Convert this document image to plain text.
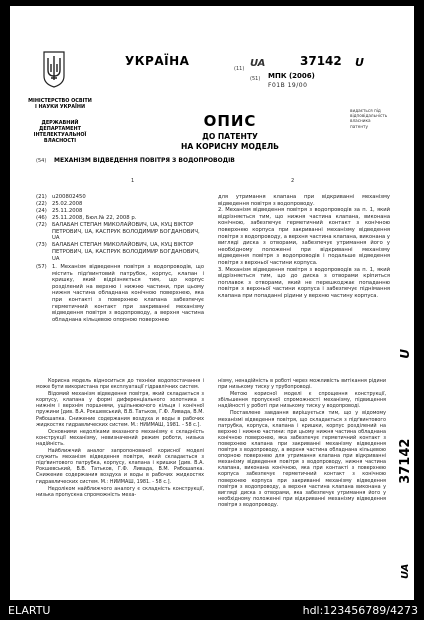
УКРАЇНА
МІНІСТЕРСТВО ОСВІТИ
І НАУКИ УКРАЇНИ
ДЕРЖАВНИЙ ДЕПАРТАМЕНТ
ІНТЕЛЕКТУАЛЬНОЇ
ВЛАСНОСТІ
(11) UA	37142 U
(51) МПК (2006)
F01B 19/00
видається під
відповідальність
власника
патенту
ОПИС
ДО ПАТЕНТУ
НА КОРИСНУ МОДЕЛЬ
(54) МЕХАНІЗМ ВІДВЕДЕННЯ ПОВІТРЯ З ВОДОПРОВОДІВ
1	2
(21) u200802450
(22) 25.02.2008
(24) 25.11.2008
(46) 25.11.2008, Бюл.№ 22, 2008 р.
(72) БАЛАБАН СТЕПАН МИКОЛАЙОВИЧ, UA, КУЦ ВІКТОР ПЕТРОВИЧ, UA, КАСПРУК ВОЛОДИМИР БОГДАНОВИЧ, UA
(73) БАЛАБАН СТЕПАН МИКОЛАЙОВИЧ, UA, КУЦ ВІКТОР ПЕТРОВИЧ, UA, КАСПРУК ВОЛОДИМИР БОГДАНОВИЧ, UA
(57)	1. Механізм відведення повітря з водопроводів, що містить підґвинтовий патрубок, корпус, клапан і кришку, який відрізняється тим, що корпус розділений на верхню і нижню частини, при цьому нижня частина обладнана конічною поверхнею, яка при контакті з поверхнею клапана забезпечує герметичний контакт при закриванні механізму відведення повітря з водопроводу, а верхня частина обладнана кільцевою опорною поверхнею
для утримання клапана при відкриванні механізму відведення повітря з водопроводу.
2. Механізм відведення повітря з водопроводів за п. 1, який відрізняється тим, що нижня частина клапана, виконана конічною, забезпечує герметичний контакт з конічною поверхнею корпуса при закриванні механізму відведення повітря з водопроводу, а верхня частина клапана, виконана у вигляді диска з отворами, забезпечує утримання його у необхідному положенні при відкриванні механізму відведення повітря з водопроводів і подальше відведення повітря з верхньої частини корпуса.
3. Механізм відведення повітря з водопроводів за п. 1, який відрізняється тим, що до диска з отворами кріпиться поплавок з отворами, який не перешкоджає попаданню повітря з верхньої частини корпуса і забезпечує піднімання клапана при попаданні рідини у верхню частину корпуса.

Корисна модель відноситься до техніки водопостачання і може бути використана при експлуатації гідравлічних систем.

Відомий механізм відведення повітря, який складається з корпусу, клапана у формі диференціального золотника з нижнім і верхнім поршнями, ущільнюючого кільця і конічної пружини [див. В.А. Рокшевський, В.В. Татьков, Г.Ф. Ливада, В.М. Рябошапка. Снижение содержания воздуха и воды в рабочих жидкостях гидравлических систем. М.: НИИМАШ, 1981. - 58 с.].

Основними недоліками вказаного механізму є складність конструкції механізму, невизначений режим роботи, низька надійність.

Найближчий аналог запропонованої корисної моделі служить механізм відведення повітря, який складається з підґвинтового патрубка, корпусу, клапана і кришки [див. В.А. Рокшевський, В.В. Татьков, Г.Ф. Ливада, В.М. Рябошапка. Снижение содержания воздуха и воды в рабочих жидкостях гидравлических систем. М.: НИИМАШ, 1981. - 58 с.].

Недоліком найближчого аналогу є складність конструкції, низька пропускна спроможність меха-

нізму, ненадійність в роботі через можливість витікання рідини при низькому тиску у трубопроводі.

Метою корисної моделі є спрощення конструкції, збільшення пропускної спроможності механізму, підвищення надійності у роботі при низькому тиску у водопроводі.

Поставлене завдання вирішується тим, що у відомому механізмі відведення повітря, що складається з підґвинтового патрубка, корпуса, клапана і кришки, корпус розділений на верхню і нижню частини: при цьому нижня частина обладнана конічною поверхнею, яка забезпечує герметичний контакт з поверхнею клапана при закриванні механізму відведення повітря з водопроводу, а верхня частина обладнана кільцевою опорною поверхнею для утримання клапана при відкриванні механізму відведення повітря з водопроводу, нижня частина клапана, виконана конічною, яка при контакті з поверхнею корпуса забезпечує герметичний контакт з конічною поверхнею корпуса при закриванні механізму відведення повітря з водопроводу, а верхня частина клапана виконана у вигляді диска з отворами, яка забезпечує утримання його у необхідному положенні при відкриванні механізму відведення повітря з водопроводу.

UA
37142
U
ELARTU	hdl:123456789/4273
